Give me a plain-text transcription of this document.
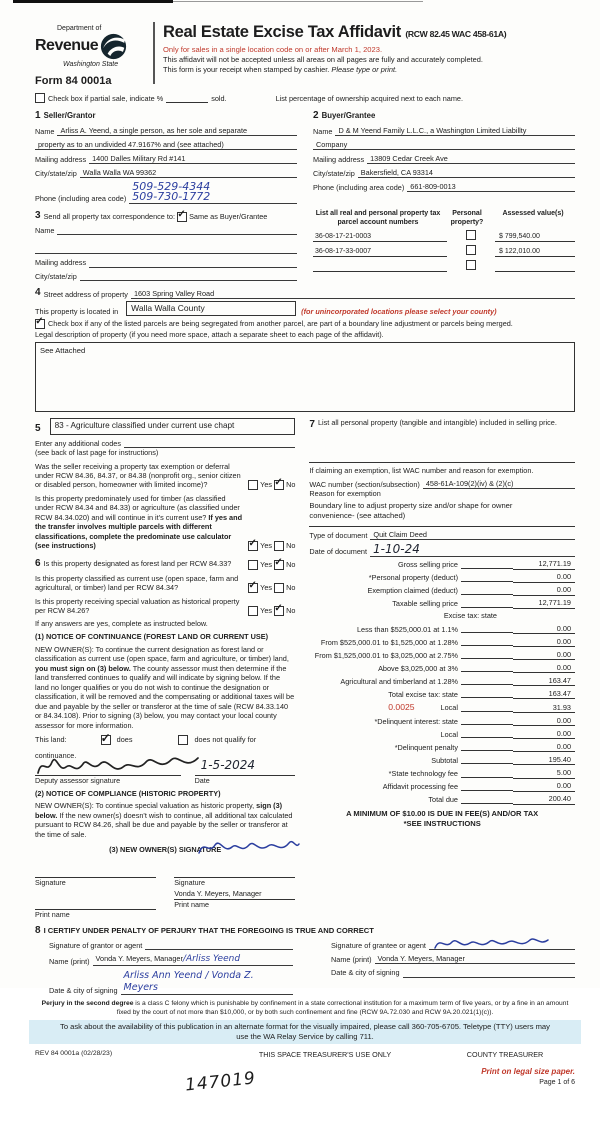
Department of
Revenue
Washington State
Form 84 0001a
Real Estate Excise Tax Affidavit (RCW 82.45 WAC 458-61A)
Only for sales in a single location code on or after March 1, 2023.
This affidavit will not be accepted unless all areas on all pages are fully and accurately completed.
This form is your receipt when stamped by cashier. Please type or print.
Check box if partial sale, indicate %	sold.	List percentage of ownership acquired next to each name.
1 Seller/Grantor
Name Arliss A. Yeend, a single person, as her sole and separate
property as to an undivided 47.9167% and (see attached)
Mailing address 1400 Dalles Military Rd #141
City/state/zip Walla Walla WA 99362
Phone (including area code)
509-529-4344
509-730-1772
2 Buyer/Grantee
Name D & M Yeend Family L.L.C., a Washington Limited Liabillty
Company
Mailing address 13809 Cedar Creek Ave
City/state/zip Bakersfield, CA 93314
Phone (including area code) 661-809-0013
3 Send all property tax correspondence to:
✓
Same as Buyer/Grantee
Name
Mailing address
City/state/zip
List all real and personal property tax parcel account numbers
Personal property?
Assessed value(s)
36-08-17-21-0003	$ 799,540.00
36-08-17-33-0007	$ 122,010.00
4 Street address of property 1603 Spring Valley Road
This property is located in	Walla Walla County	(for unincorporated locations please select your county)
✓ Check box if any of the listed parcels are being segregated from another parcel, are part of a boundary line adjustment or parcels being merged.
Legal description of property (if you need more space, attach a separate sheet to each page of the affidavit).
See Attached
5	83 - Agriculture classified under current use chapt
Enter any additional codes
(see back of last page for instructions)
Was the seller receiving a property tax exemption or deferral under RCW 84.36, 84.37, or 84.38 (nonprofit org., senior citizen or disabled person, homeowner with limited income)?	Yes ✓ No
Is this property predominately used for timber (as classified under RCW 84.34 and 84.33) or agriculture (as classified under RCW 84.34.020) and will continue in it's current use? If yes and the transfer involves multiple parcels with different classifications, complete the predominate use calculator (see instructions)	✓ Yes No
6 Is this property designated as forest land per RCW 84.33?	Yes ✓ No
Is this property classified as current use (open space, farm and agricultural, or timber) land per RCW 84.34?	✓ Yes No
Is this property receiving special valuation as historical property per RCW 84.26?	Yes ✓ No
If any answers are yes, complete as instructed below.
(1) NOTICE OF CONTINUANCE (FOREST LAND OR CURRENT USE)
NEW OWNER(S): To continue the current designation as forest land or classification as current use (open space, farm and agriculture, or timber) land, you must sign on (3) below. The county assessor must then determine if the land transferred continues to qualify and will indicate by signing below. If the land no longer qualifies or you do not wish to continue the designation or classification, it will be removed and the compensating or additional taxes will be due and payable by the seller or transferor at the time of sale (RCW 84.33.140 or 84.34.108). Prior to signing (3) below, you may contact your local county assessor for more information.
This land:	✓ does	does not qualify for
continuance.
1-5-2024
Deputy assessor signature	Date
(2) NOTICE OF COMPLIANCE (HISTORIC PROPERTY)
NEW OWNER(S): To continue special valuation as historic property, sign (3) below. If the new owner(s) doesn't wish to continue, all additional tax calculated pursuant to RCW 84.26, shall be due and payable by the seller or transferor at the time of sale.
(3) NEW OWNER(S) SIGNATURE
Signature
Print name
Signature
Vonda Y. Meyers, Manager
Print name
7 List all personal property (tangible and intangible) included in selling price.
If claiming an exemption, list WAC number and reason for exemption.
WAC number (section/subsection) 458-61A-109(2)(iv) & (2)(c)
Reason for exemption
Boundary line to adjust property size and/or shape for owner
convenience- (see attached)
Type of document Quit Claim Deed
Date of document 1-10-24
Gross selling price	12,771.19
*Personal property (deduct)	0.00
Exemption claimed (deduct)	0.00
Taxable selling price	12,771.19
Excise tax: state
Less than $525,000.01 at 1.1%	0.00
From $525,000.01 to $1,525,000 at 1.28%	0.00
From $1,525,000.01 to $3,025,000 at 2.75%	0.00
Above $3,025,000 at 3%	0.00
Agricultural and timberland at 1.28%	163.47
Total excise tax: state	163.47
0.0025	Local	31.93
*Delinquent interest: state	0.00
Local	0.00
*Delinquent penalty	0.00
Subtotal	195.40
*State technology fee	5.00
Affidavit processing fee	0.00
Total due	200.40
A MINIMUM OF $10.00 IS DUE IN FEE(S) AND/OR TAX
*SEE INSTRUCTIONS
8 I CERTIFY UNDER PENALTY OF PERJURY THAT THE FOREGOING IS TRUE AND CORRECT
Signature of grantor or agent
Name (print) Vonda Y. Meyers, Manager/Arliss Yeend
Date & city of signing
Arliss Ann Yeend / Vonda Z. Meyers
Signature of grantee or agent
Name (print) Vonda Y. Meyers, Manager
Date & city of signing
Perjury in the second degree is a class C felony which is punishable by confinement in a state correctional institution for a maximum term of five years, or by a fine in an amount fixed by the court of not more than $10,000, or by both such confinement and fine (RCW 9A.72.030 and RCW 9A.20.021(1)(c)).
To ask about the availability of this publication in an alternate format for the visually impaired, please call 360-705-6705. Teletype (TTY) users may use the WA Relay Service by calling 711.
REV 84 0001a (02/28/23)	THIS SPACE TREASURER'S USE ONLY	COUNTY TREASURER
147019	Print on legal size paper.
Page 1 of 6
